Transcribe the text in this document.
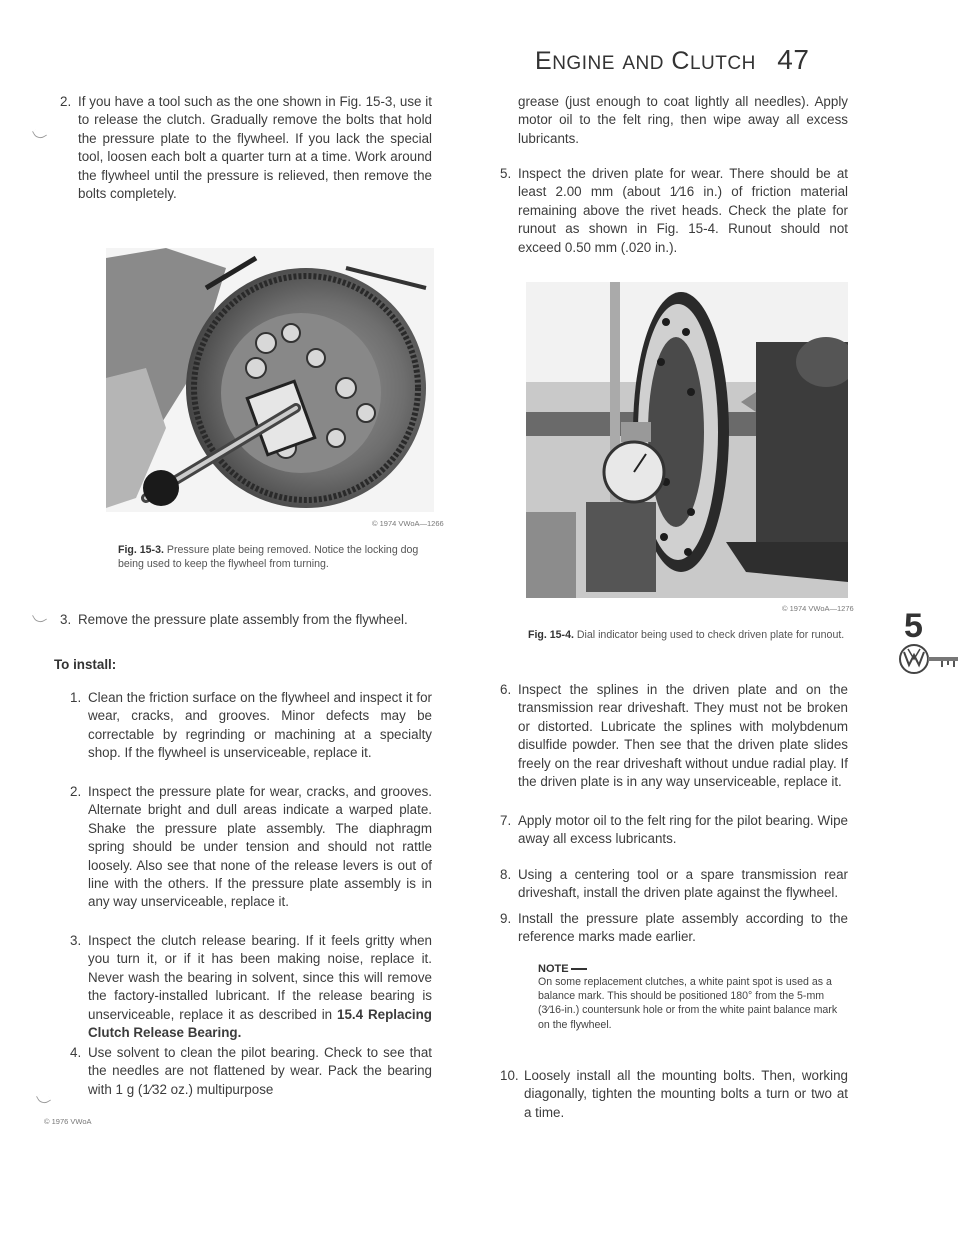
ENGINE AND CLUTCH 47
2. If you have a tool such as the one shown in Fig. 15-3, use it to release the clutch. Gradually remove the bolts that hold the pressure plate to the flywheel. If you lack the special tool, loosen each bolt a quarter turn at a time. Work around the flywheel until the pressure is relieved, then remove the bolts completely.
© 1974 VWoA—1266
Fig. 15-3. Pressure plate being removed. Notice the locking dog being used to keep the flywheel from turning.
3. Remove the pressure plate assembly from the flywheel.
To install:
1. Clean the friction surface on the flywheel and inspect it for wear, cracks, and grooves. Minor defects may be correctable by regrinding or machining at a specialty shop. If the flywheel is unserviceable, replace it.
2. Inspect the pressure plate for wear, cracks, and grooves. Alternate bright and dull areas indicate a warped plate. Shake the pressure plate assembly. The diaphragm spring should be under tension and should not rattle loosely. Also see that none of the release levers is out of line with the others. If the pressure plate assembly is in any way unserviceable, replace it.
3. Inspect the clutch release bearing. If it feels gritty when you turn it, or if it has been making noise, replace it. Never wash the bearing in solvent, since this will remove the factory-installed lubricant. If the release bearing is unserviceable, replace it as described in 15.4 Replacing Clutch Release Bearing.
4. Use solvent to clean the pilot bearing. Check to see that the needles are not flattened by wear. Pack the bearing with 1 g (1⁄32 oz.) multipurpose
© 1976 VWoA
grease (just enough to coat lightly all needles). Apply motor oil to the felt ring, then wipe away all excess lubricants.
5. Inspect the driven plate for wear. There should be at least 2.00 mm (about 1⁄16 in.) of friction material remaining above the rivet heads. Check the plate for runout as shown in Fig. 15-4. Runout should not exceed 0.50 mm (.020 in.).
© 1974 VWoA—1276
Fig. 15-4. Dial indicator being used to check driven plate for runout.
6. Inspect the splines in the driven plate and on the transmission rear driveshaft. They must not be broken or distorted. Lubricate the splines with molybdenum disulfide powder. Then see that the driven plate slides freely on the rear driveshaft without undue radial play. If the driven plate is in any way unserviceable, replace it.
7. Apply motor oil to the felt ring for the pilot bearing. Wipe away all excess lubricants.
8. Using a centering tool or a spare transmission rear driveshaft, install the driven plate against the flywheel.
9. Install the pressure plate assembly according to the reference marks made earlier.
NOTE
On some replacement clutches, a white paint spot is used as a balance mark. This should be positioned 180° from the 5-mm (3⁄16-in.) countersunk hole or from the white paint balance mark on the flywheel.
10. Loosely install all the mounting bolts. Then, working diagonally, tighten the mounting bolts a turn or two at a time.
5
